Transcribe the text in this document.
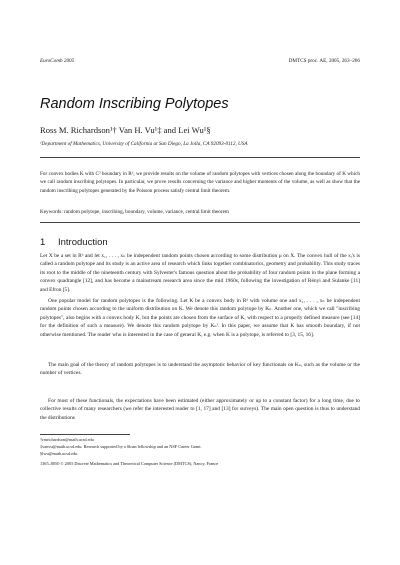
EuroComb 2005	DMTCS proc. AE, 2005, 263–266
Random Inscribing Polytopes
Ross M. Richardson¹† Van H. Vu¹‡ and Lei Wu¹§
¹Department of Mathematics, University of California at San Diego, La Jolla, CA 92093-0112, USA
For convex bodies K with C² boundary in Rᵈ, we provide results on the volume of random polytopes with vertices chosen along the boundary of K which we call random inscribing polytopes. In particular, we prove results concerning the variance and higher moments of the volume, as well as show that the random inscribing polytopes generated by the Poisson process satisfy central limit theorem.
Keywords: random polytope, inscribing, boundary, volume, variance, central limit theorem
1 Introduction

Let X be a set in Rᵈ and let x₁, . . . , xₙ be independent random points chosen according to some distribution μ on X. The convex hull of the xᵢ's is called a random polytope and its study is an active area of research which links together combinatorics, geometry and probability. This study traces its root to the middle of the nineteenth century with Sylvester's famous question about the probability of four random points in the plane forming a convex quadrangle [12], and has become a mainstream research area since the mid 1960s, following the investigation of Rényi and Sulanke [11] and Efron [5].

One popular model for random polytopes is the following. Let K be a convex body in Rᵈ with volume one and x₁, . . . , xₙ be independent random points chosen according to the uniform distribution on K. We denote this random polytope by Kₙ. Another one, which we call "inscribing polytopes", also begins with a convex body K, but the points are chosen from the surface of K, with respect to a properly defined measure (see [14] for the definition of such a measure). We denote this random polytope by Kₙᴵ. In this paper, we assume that K has smooth boundary, if not otherwise mentioned. The reader who is interested in the case of general K, e.g. when K is a polytope, is referred to [3, 15, 16].

The main goal of the theory of random polytopes is to understand the asymptotic behavior of key functionals on Kₙ, such as the volume or the number of vertices.

For most of these functionals, the expectations have been estimated (either approximately or up to a constant factor) for a long time, due to collective results of many researchers (we refer the interested reader to [1, 17] and [13] for surveys). The main open question is thus to understand the distributions

†rmrichardson@math.ucsd.edu
‡vanvu@math.ucsd.edu. Research supported by a Sloan fellowship and an NSF Career Grant.
§lwu@math.ucsd.edu
1365–8050 © 2005 Discrete Mathematics and Theoretical Computer Science (DMTCS), Nancy, France
